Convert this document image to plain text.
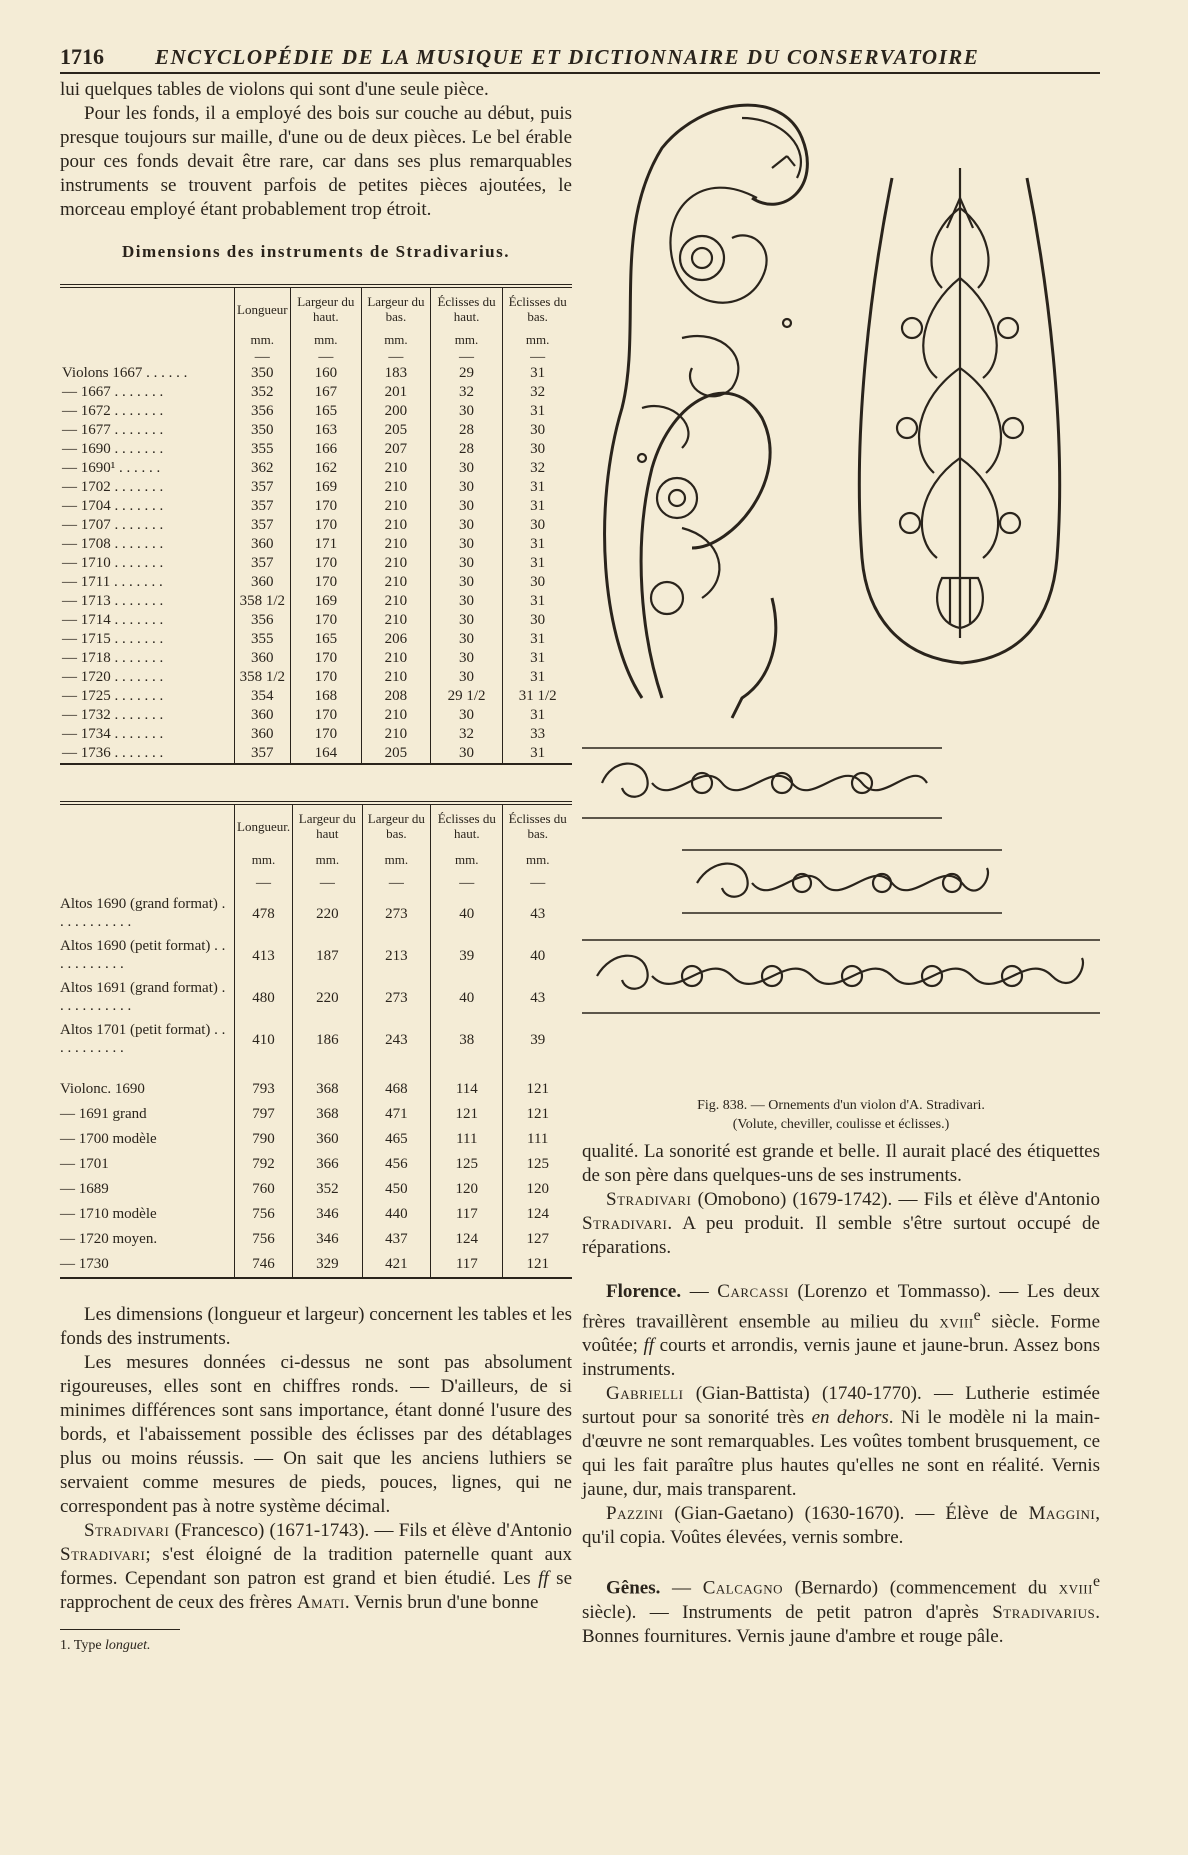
1716	ENCYCLOPÉDIE DE LA MUSIQUE ET DICTIONNAIRE DU CONSERVATOIRE

lui quelques tables de violons qui sont d'une seule pièce.

Pour les fonds, il a employé des bois sur couche au début, puis presque toujours sur maille, d'une ou de deux pièces. Le bel érable pour ces fonds devait être rare, car dans ses plus remarquables instruments se trouvent parfois de petites pièces ajoutées, le morceau employé étant probablement trop étroit.

Dimensions des instruments de Stradivarius.
	Longueur	Largeur du haut.	Largeur du bas.	Éclisses du haut.	Éclisses du bas.
	mm.	mm.	mm.	mm.	mm.
	—	—	—	—	—
Violons 1667 . . . . . .	350	160	183	29	31
— 1667 . . . . . . .	352	167	201	32	32
— 1672 . . . . . . .	356	165	200	30	31
— 1677 . . . . . . .	350	163	205	28	30
— 1690 . . . . . . .	355	166	207	28	30
— 1690¹ . . . . . .	362	162	210	30	32
— 1702 . . . . . . .	357	169	210	30	31
— 1704 . . . . . . .	357	170	210	30	31
— 1707 . . . . . . .	357	170	210	30	30
— 1708 . . . . . . .	360	171	210	30	31
— 1710 . . . . . . .	357	170	210	30	31
— 1711 . . . . . . .	360	170	210	30	30
— 1713 . . . . . . .	358 1/2	169	210	30	31
— 1714 . . . . . . .	356	170	210	30	30
— 1715 . . . . . . .	355	165	206	30	31
— 1718 . . . . . . .	360	170	210	30	31
— 1720 . . . . . . .	358 1/2	170	210	30	31
— 1725 . . . . . . .	354	168	208	29 1/2	31 1/2
— 1732 . . . . . . .	360	170	210	30	31
— 1734 . . . . . . .	360	170	210	32	33
— 1736 . . . . . . .	357	164	205	30	31
	Longueur.	Largeur du haut	Largeur du bas.	Éclisses du haut.	Éclisses du bas.
	mm.	mm.	mm.	mm.	mm.
	—	—	—	—	—
Altos 1690 (grand format) . . . . . . . . . . .	478	220	273	40	43
Altos 1690 (petit format) . . . . . . . . . . .	413	187	213	39	40
Altos 1691 (grand format) . . . . . . . . . . .	480	220	273	40	43
Altos 1701 (petit format) . . . . . . . . . . .	410	186	243	38	39

Violonc. 1690	793	368	468	114	121
— 1691 grand	797	368	471	121	121
— 1700 modèle	790	360	465	111	111
— 1701	792	366	456	125	125
— 1689	760	352	450	120	120
— 1710 modèle	756	346	440	117	124
— 1720 moyen.	756	346	437	124	127
— 1730	746	329	421	117	121

Les dimensions (longueur et largeur) concernent les tables et les fonds des instruments.

Les mesures données ci-dessus ne sont pas absolument rigoureuses, elles sont en chiffres ronds. — D'ailleurs, de si minimes différences sont sans importance, étant donné l'usure des bords, et l'abaissement possible des éclisses par des détablages plus ou moins réussis. — On sait que les anciens luthiers se servaient comme mesures de pieds, pouces, lignes, qui ne correspondent pas à notre système décimal.

Stradivari (Francesco) (1671-1743). — Fils et élève d'Antonio Stradivari; s'est éloigné de la tradition paternelle quant aux formes. Cependant son patron est grand et bien étudié. Les ff se rapprochent de ceux des frères Amati. Vernis brun d'une bonne

1. Type longuet.
Fig. 838. — Ornements d'un violon d'A. Stradivari.
(Volute, cheviller, coulisse et éclisses.)

qualité. La sonorité est grande et belle. Il aurait placé des étiquettes de son père dans quelques-uns de ses instruments.

Stradivari (Omobono) (1679-1742). — Fils et élève d'Antonio Stradivari. A peu produit. Il semble s'être surtout occupé de réparations.

Florence. — Carcassi (Lorenzo et Tommasso). — Les deux frères travaillèrent ensemble au milieu du xviii$^e$ siècle. Forme voûtée; ff courts et arrondis, vernis jaune et jaune-brun. Assez bons instruments.

Gabrielli (Gian-Battista) (1740-1770). — Lutherie estimée surtout pour sa sonorité très en dehors. Ni le modèle ni la main-d'œuvre ne sont remarquables. Les voûtes tombent brusquement, ce qui les fait paraître plus hautes qu'elles ne sont en réalité. Vernis jaune, dur, mais transparent.

Pazzini (Gian-Gaetano) (1630-1670). — Élève de Maggini, qu'il copia. Voûtes élevées, vernis sombre.

Gênes. — Calcagno (Bernardo) (commencement du xviii$^e$ siècle). — Instruments de petit patron d'après Stradivarius. Bonnes fournitures. Vernis jaune d'ambre et rouge pâle.
